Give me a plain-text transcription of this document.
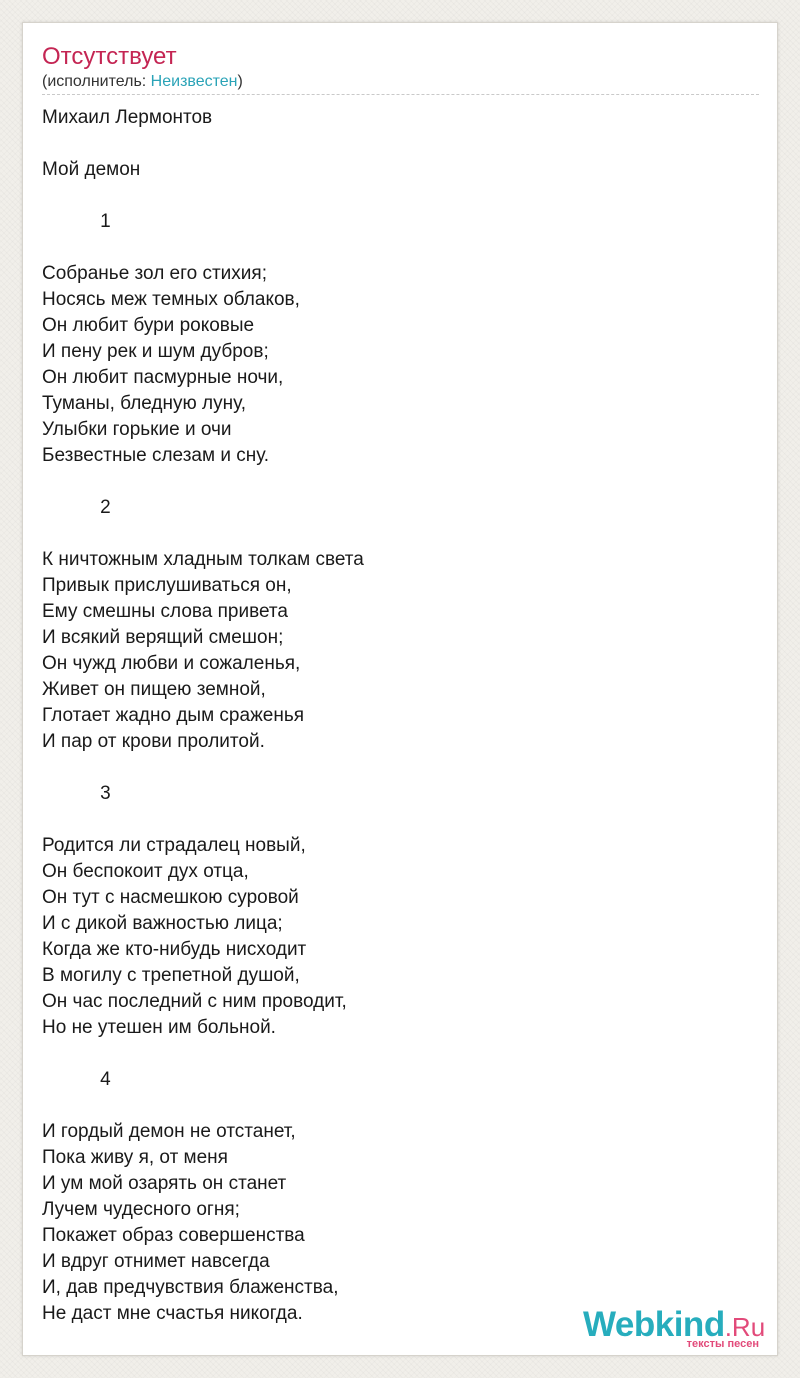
Отсутствует
(исполнитель: Неизвестен)
Михаил Лермонтов

Мой демон

1

Собранье зол его стихия;
Носясь меж темных облаков,
Он любит бури роковые
И пену рек и шум дубров;
Он любит пасмурные ночи,
Туманы, бледную луну,
Улыбки горькие и очи
Безвестные слезам и сну.

2

К ничтожным хладным толкам света
Привык прислушиваться он,
Ему смешны слова привета
И всякий верящий смешон;
Он чужд любви и сожаленья,
Живет он пищею земной,
Глотает жадно дым сраженья
И пар от крови пролитой.

3

Родится ли страдалец новый,
Он беспокоит дух отца,
Он тут с насмешкою суровой
И с дикой важностью лица;
Когда же кто-нибудь нисходит
В могилу с трепетной душой,
Он час последний с ним проводит,
Но не утешен им больной.

4

И гордый демон не отстанет,
Пока живу я, от меня
И ум мой озарять он станет
Лучем чудесного огня;
Покажет образ совершенства
И вдруг отнимет навсегда
И, дав предчувствия блаженства,
Не даст мне счастья никогда.	Webkind.Ru
тексты песен
